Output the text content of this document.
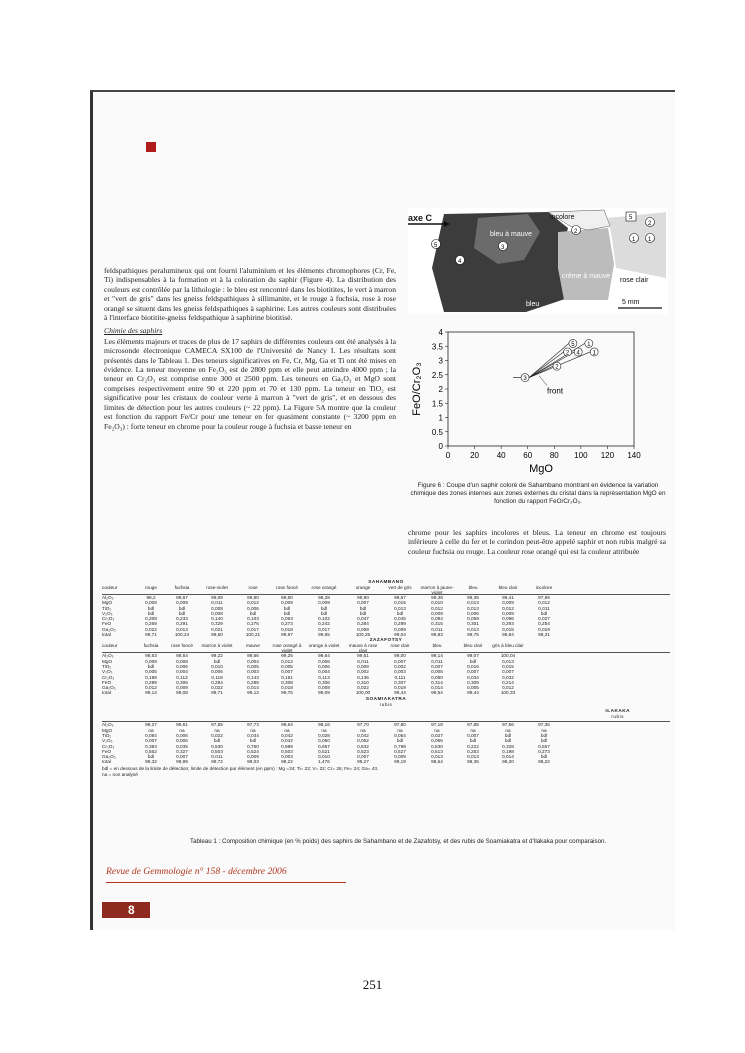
feldspathiques peralumineux qui ont fourni l'aluminium et les éléments chromophores (Cr, Fe, Ti) indispensables à la formation et à la coloration du saphir (Figure 4). La distribution des couleurs est contrôlée par la lithologie : le bleu est rencontré dans les biotitites, le vert à marron et "vert de gris" dans les gneiss feldspathiques à sillimanite, et le rouge à fuchsia, rose à rose orangé se situent dans les gneiss feldspathiques à saphirine. Les autres couleurs sont distribuées à l'interface biotitite-gneiss feldspathique à saphirine biotitisé.

Chimie des saphirs

Les éléments majeurs et traces de plus de 17 saphirs de différentes couleurs ont été analysés à la microsonde électronique CAMECA SX100 de l'Université de Nancy I. Les résultats sont présentés dans le Tableau 1. Des teneurs significatives en Fe, Cr, Mg, Ga et Ti ont été mises en évidence. La teneur moyenne en Fe₂O₃ est de 2800 ppm et elle peut atteindre 4000 ppm ; la teneur en Cr₂O₃ est comprise entre 300 et 2500 ppm. Les teneurs en Ga₂O₃ et MgO sont comprises respectivement entre 90 et 220 ppm et 70 et 130 ppm. La teneur en TiO₂ est significative pour les cristaux de couleur verte à marron à "vert de gris", et en dessous des limites de détection pour les autres couleurs (~ 22 ppm). La Figure 5A montre que la couleur est fonction du rapport Fe/Cr pour une teneur en fer quasiment constante (~ 3200 ppm en Fe₂O₃) : forte teneur en chrome pour la couleur rouge à fuchsia et basse teneur en

axe C	incolore
bleu à mauve
crème à mauve clair
rose clair
bleu	5 mm
1 1
2
2
3
4
5
5
0 20 40 60 80 100 120 140
0
0.5
1
1.5
2
2.5
3
3.5
4
MgO
FeO/Cr₂O₃	3
2
2 4
5 1
1
front
Figure 6 : Coupe d'un saphir coloré de Sahambano montrant en évidence la variation chimique des zones internes aux zones externes du cristal dans la représentation MgO en fonction du rapport FeO/Cr₂O₃.

chrome pour les saphirs incolores et bleus. La teneur en chrome est toujours inférieure à celle du fer et le corindon peut-être appelé saphir et non rubis malgré sa couleur fuchsia ou rouge. La couleur rose orangé qui est la couleur attribuée

SAHAMBANO
couleur	rouge	fuchsia	rose-violet	rose	rose foncé	rose orangé	orange	vert de gris	marron à jaune-violet
bleu	bleu clair	incolore
Al₂O₃	99,2	99,67	99,08	99,80	99,60	98,28	99,90	98,67	99,38	99,35	99,41	97,99
MgO	0,008	0,009	0,011	0,012	0,009	0,009	0,007	0,015	0,010	0,013	0,009	0,012
TiO₂	bdl	bdl	0,008	0,006	bdl	bdl	bdl	0,013	0,012	0,013	0,012	0,011
V₂O₃	bdl	bdl	0,008	bdl	bdl	bdl	bdl	bdl	0,009	0,006	0,009	bdl
Cr₂O₃	0,208	0,233	0,140	0,103	0,063	0,102	0,047	0,045	0,094	0,059	0,096	0,027
FeO	0,269	0,291	0,329	0,276	0,273	0,242	0,284	0,289	0,315	0,301	0,293	0,254
Ga₂O₃	0,022	0,013	0,021	0,017	0,018	0,017	0,008	0,009	0,011	0,013	0,015	0,019
total	99,71	100,24	99,60	100,21	99,97	99,65	100,25	99,04	99,83	99,75	99,84	98,31
ZAZAFOTSY
couleur	fuchsia	rose foncé	marron à violet	mauve	rose orangé à violet
orange à violet	mauve à rose clair
rose clair	bleu	bleu clair	gris à bleu clair
Al₂O₃	98,63	98,64	99,22	98,66	99,25	98,64	99,51	99,00	99,14	99,07	100,04
MgO	0,008	0,008	bdl	0,004	0,012	0,006	0,011	0,007	0,011	bdl	0,013
TiO₂	bdl	0,006	0,010	0,005	0,005	0,006	0,008	0,002	0,007	0,016	0,015
V₂O₃	0,005	0,004	0,006	0,003	0,007	0,004	0,002	0,003	0,005	0,007	0,007
Cr₂O₃	0,188	0,112	0,118	0,143	0,151	0,113	0,136	0,111	0,050	0,034	0,032
FeO	0,299	0,306	0,294	0,288	0,308	0,306	0,310	0,307	0,314	0,309	0,214
Ga₂O₃	0,012	0,009	0,022	0,014	0,018	0,009	0,022	0,019	0,014	0,005	0,012
total	99,14	99,08	99,71	99,12	99,75	99,09	100,00	99,44	99,54	99,44	100,33
SOAMIAKATRA
rubis
ILAKAKA
rubis
Al₂O₃	98,27	99,51	97,55	97,73	98,64	98,16	97,70	97,80	97,18	97,85	97,66	97,35
MgO	na	na	na	na	na	na	na	na	na	na	na	na
TiO₂	0,084	0,006	0,022	0,034	0,042	0,028	0,042	0,054	0,027	0,007	bdl	bdl
V₂O₃	0,007	0,006	bdl	bdl	0,042	0,060	0,062	bdl	0,066	bdl	bdl	bdl
Cr₂O₃	0,383	0,035	0,530	0,750	0,989	0,657	0,832	0,798	0,830	0,222	0,328	0,557
FeO	0,562	0,327	0,503	0,524	0,503	0,521	0,523	0,527	0,513	0,253	0,198	0,273
Ga₂O₃	bdl	0,007	0,011	0,009	0,003	0,010	0,007	0,009	0,013	0,013	0,014	bdl
total	99,32	99,99	98,72	99,03	98,22	1,476	99,27	99,19	98,64	98,35	98,20	98,22
bdl = en dessous de la limite de détection; limite de détection par élément (en ppm) : Mg =34; Ti= 22; V= 22; Cr= 26; Fe= 24; Ga= 43.
na = non analysé
Tableau 1 : Composition chimique (en % poids) des saphirs de Sahambano et de Zazafotsy, et des rubis de Soamiakatra et d'Ilakaka pour comparaison.
Revue de Gemmologie n° 158 - décembre 2006
8
251
